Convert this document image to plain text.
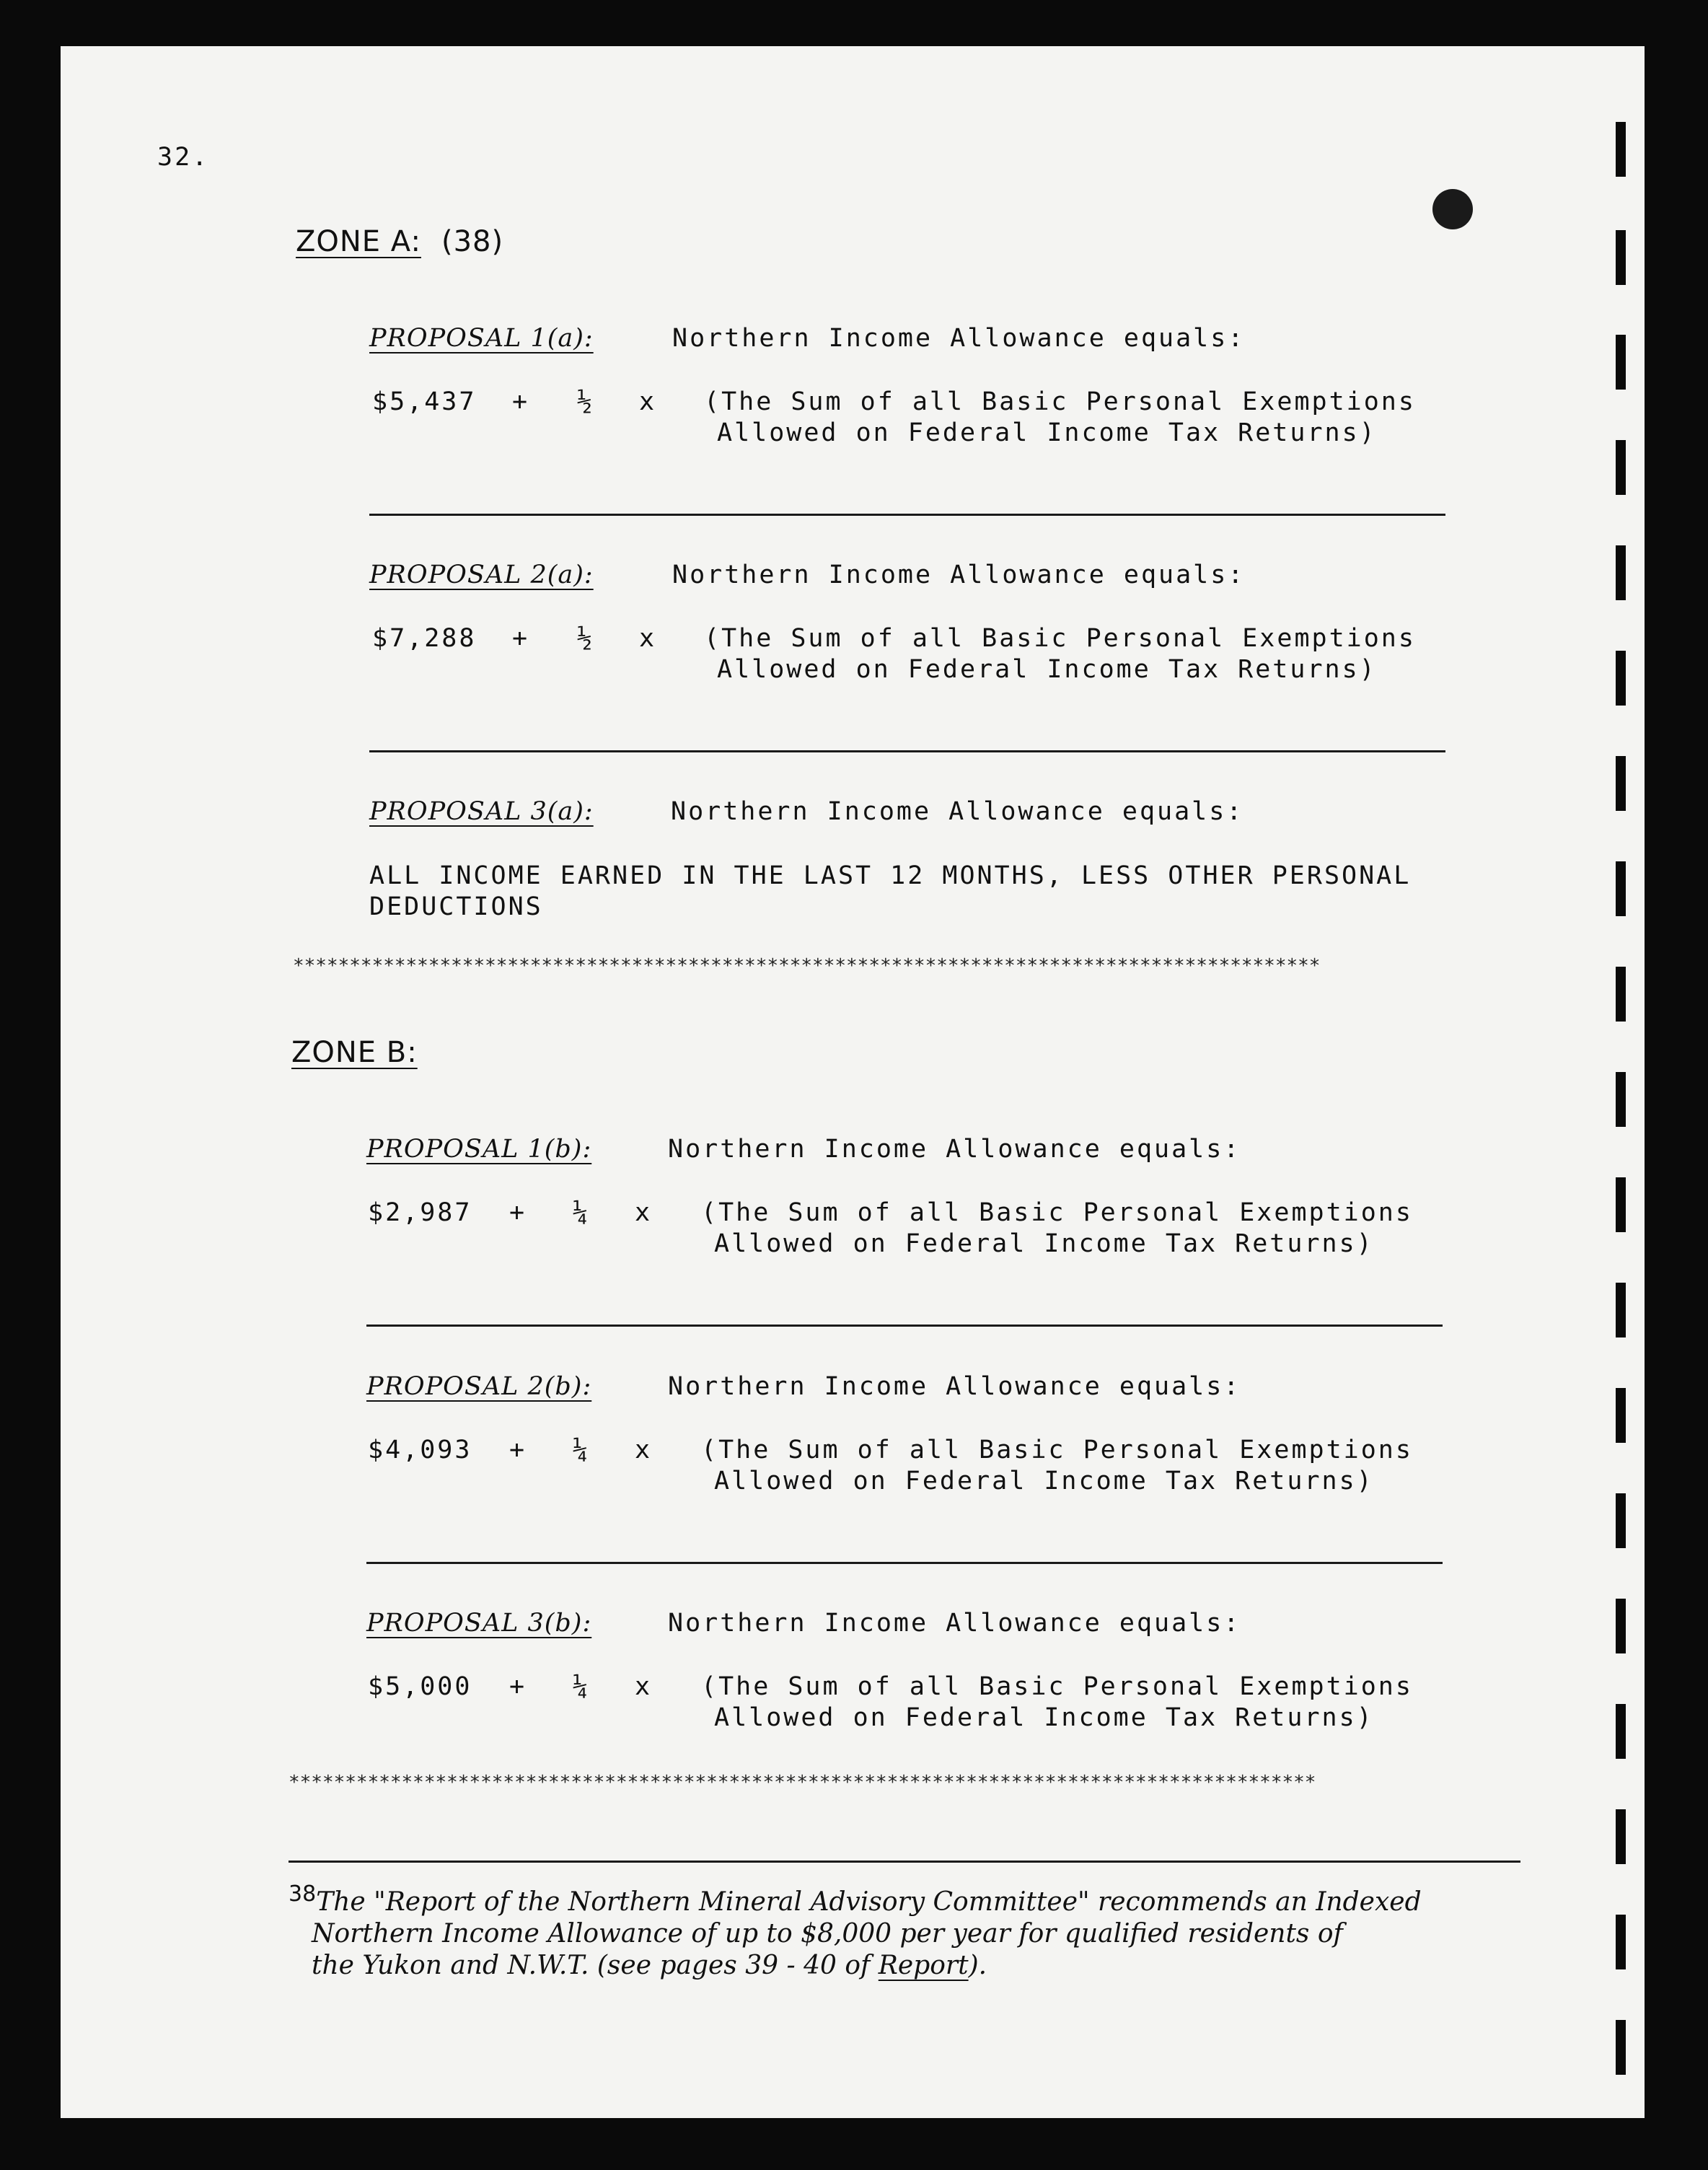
32.
ZONE A: (38)
PROPOSAL 1(a):	Northern Income Allowance equals:
$5,437 + ½ x (The Sum of all Basic Personal Exemptions
Allowed on Federal Income Tax Returns)
PROPOSAL 2(a):	Northern Income Allowance equals:
$7,288 + ½ x (The Sum of all Basic Personal Exemptions
Allowed on Federal Income Tax Returns)
PROPOSAL 3(a):	Northern Income Allowance equals:
ALL INCOME EARNED IN THE LAST 12 MONTHS, LESS OTHER PERSONAL
DEDUCTIONS
*******************************************************************************************
ZONE B:
PROPOSAL 1(b):	Northern Income Allowance equals:
$2,987 + ¼ x (The Sum of all Basic Personal Exemptions
Allowed on Federal Income Tax Returns)
PROPOSAL 2(b):	Northern Income Allowance equals:
$4,093 + ¼ x (The Sum of all Basic Personal Exemptions
Allowed on Federal Income Tax Returns)
PROPOSAL 3(b):	Northern Income Allowance equals:
$5,000 + ¼ x (The Sum of all Basic Personal Exemptions
Allowed on Federal Income Tax Returns)
*******************************************************************************************
$^{38}$The "Report of the Northern Mineral Advisory Committee" recommends an Indexed
Northern Income Allowance of up to $8,000 per year for qualified residents of
the Yukon and N.W.T. (see pages 39 - 40 of Report).
